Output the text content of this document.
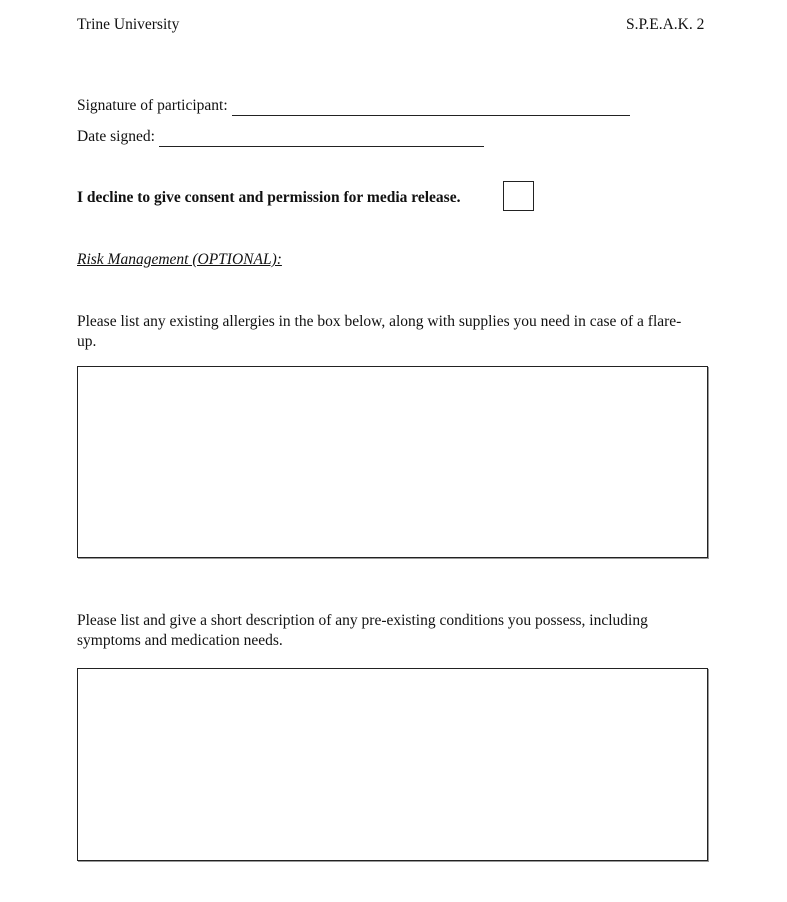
Trine University	S.P.E.A.K. 2
Signature of participant:
Date signed:
I decline to give consent and permission for media release.
Risk Management (OPTIONAL):
Please list any existing allergies in the box below, along with supplies you need in case of a flare-up.
Please list and give a short description of any pre-existing conditions you possess, including symptoms and medication needs.
